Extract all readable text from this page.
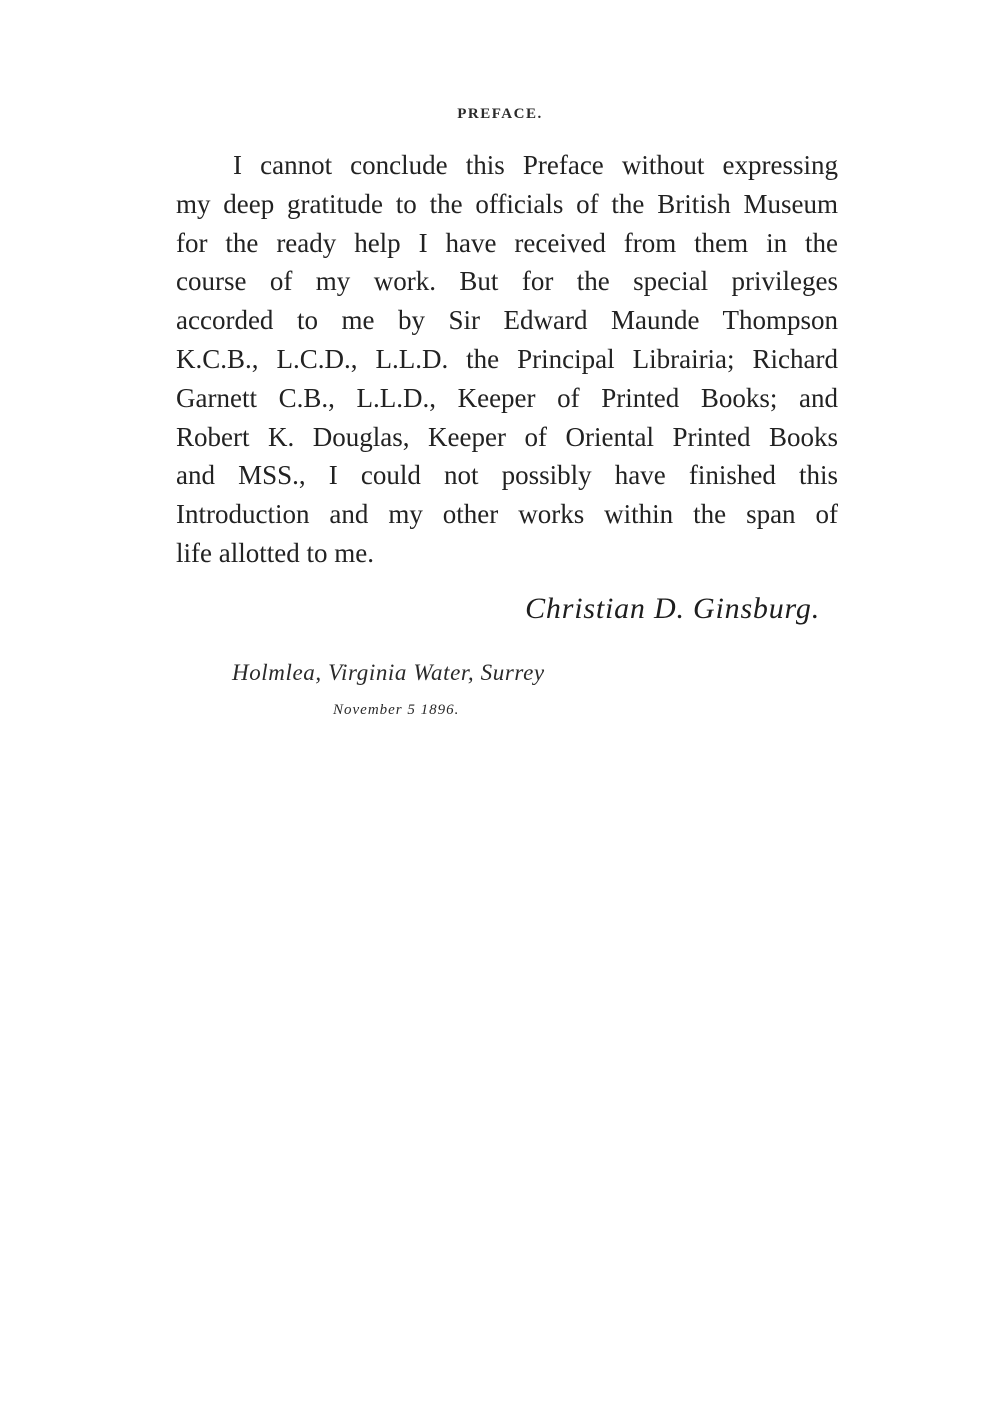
PREFACE.
I cannot conclude this Preface without expressing
my deep gratitude to the officials of the British Museum
for the ready help I have received from them in the
course of my work. But for the special privileges
accorded to me by Sir Edward Maunde Thompson
K.C.B., L.C.D., L.L.D. the Principal Librairia; Richard
Garnett C.B., L.L.D., Keeper of Printed Books; and
Robert K. Douglas, Keeper of Oriental Printed Books
and MSS., I could not possibly have finished this
Introduction and my other works within the span of
life allotted to me.
Christian D. Ginsburg.
Holmlea, Virginia Water, Surrey
November 5 1896.
